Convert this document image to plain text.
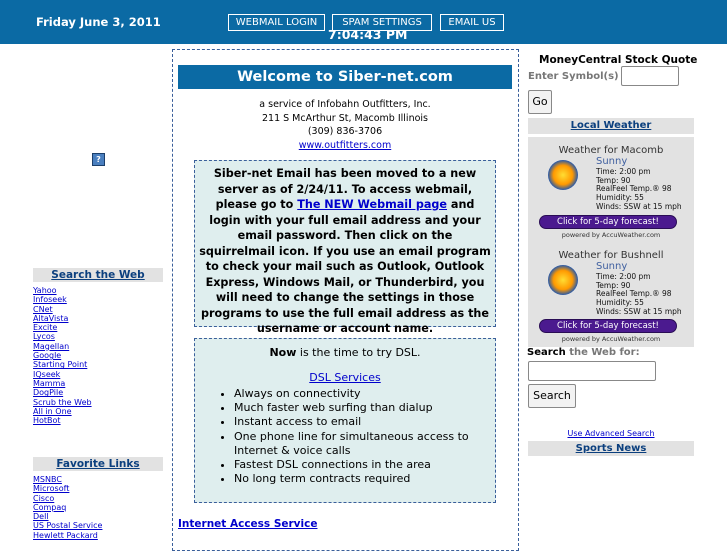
Friday June 3, 2011	WEBMAIL LOGIN	SPAM SETTINGS	EMAIL US
7:04:43 PM
?
Search the Web
Yahoo
Infoseek
CNet
AltaVista
Excite
Lycos
Magellan
Google
Starting Point
IQseek
Mamma
DogPile
Scrub the Web
All in One
HotBot
Favorite Links
MSNBC
Microsoft
Cisco
Compaq
Dell
US Postal Service
Hewlett Packard
Welcome to Siber-net.com
a service of Infobahn Outfitters, Inc.
211 S McArthur St, Macomb Illinois
(309) 836-3706
www.outfitters.com
Siber-net Email has been moved to a new server as of 2/24/11. To access webmail, please go to The NEW Webmail page and login with your full email address and your email password. Then click on the squirrelmail icon. If you use an email program to check your mail such as Outlook, Outlook Express, Windows Mail, or Thunderbird, you will need to change the settings in those programs to use the full email address as the username or account name.
Now is the time to try DSL.
DSL Services
• Always on connectivity
• Much faster web surfing than dialup
• Instant access to email
• One phone line for simultaneous access to Internet & voice calls
• Fastest DSL connections in the area
• No long term contracts required
Internet Access Service
MoneyCentral Stock Quote
Enter Symbol(s)
Go
Local Weather
Weather for Macomb
Sunny
Time: 2:00 pm
Temp: 90
RealFeel Temp.® 98
Humidity: 55
Winds: SSW at 15 mph
Click for 5-day forecast!
powered by AccuWeather.com
Weather for Bushnell
Sunny
Time: 2:00 pm
Temp: 90
RealFeel Temp.® 98
Humidity: 55
Winds: SSW at 15 mph
Click for 5-day forecast!
powered by AccuWeather.com
Search the Web for:
Search
Use Advanced Search
Sports News
